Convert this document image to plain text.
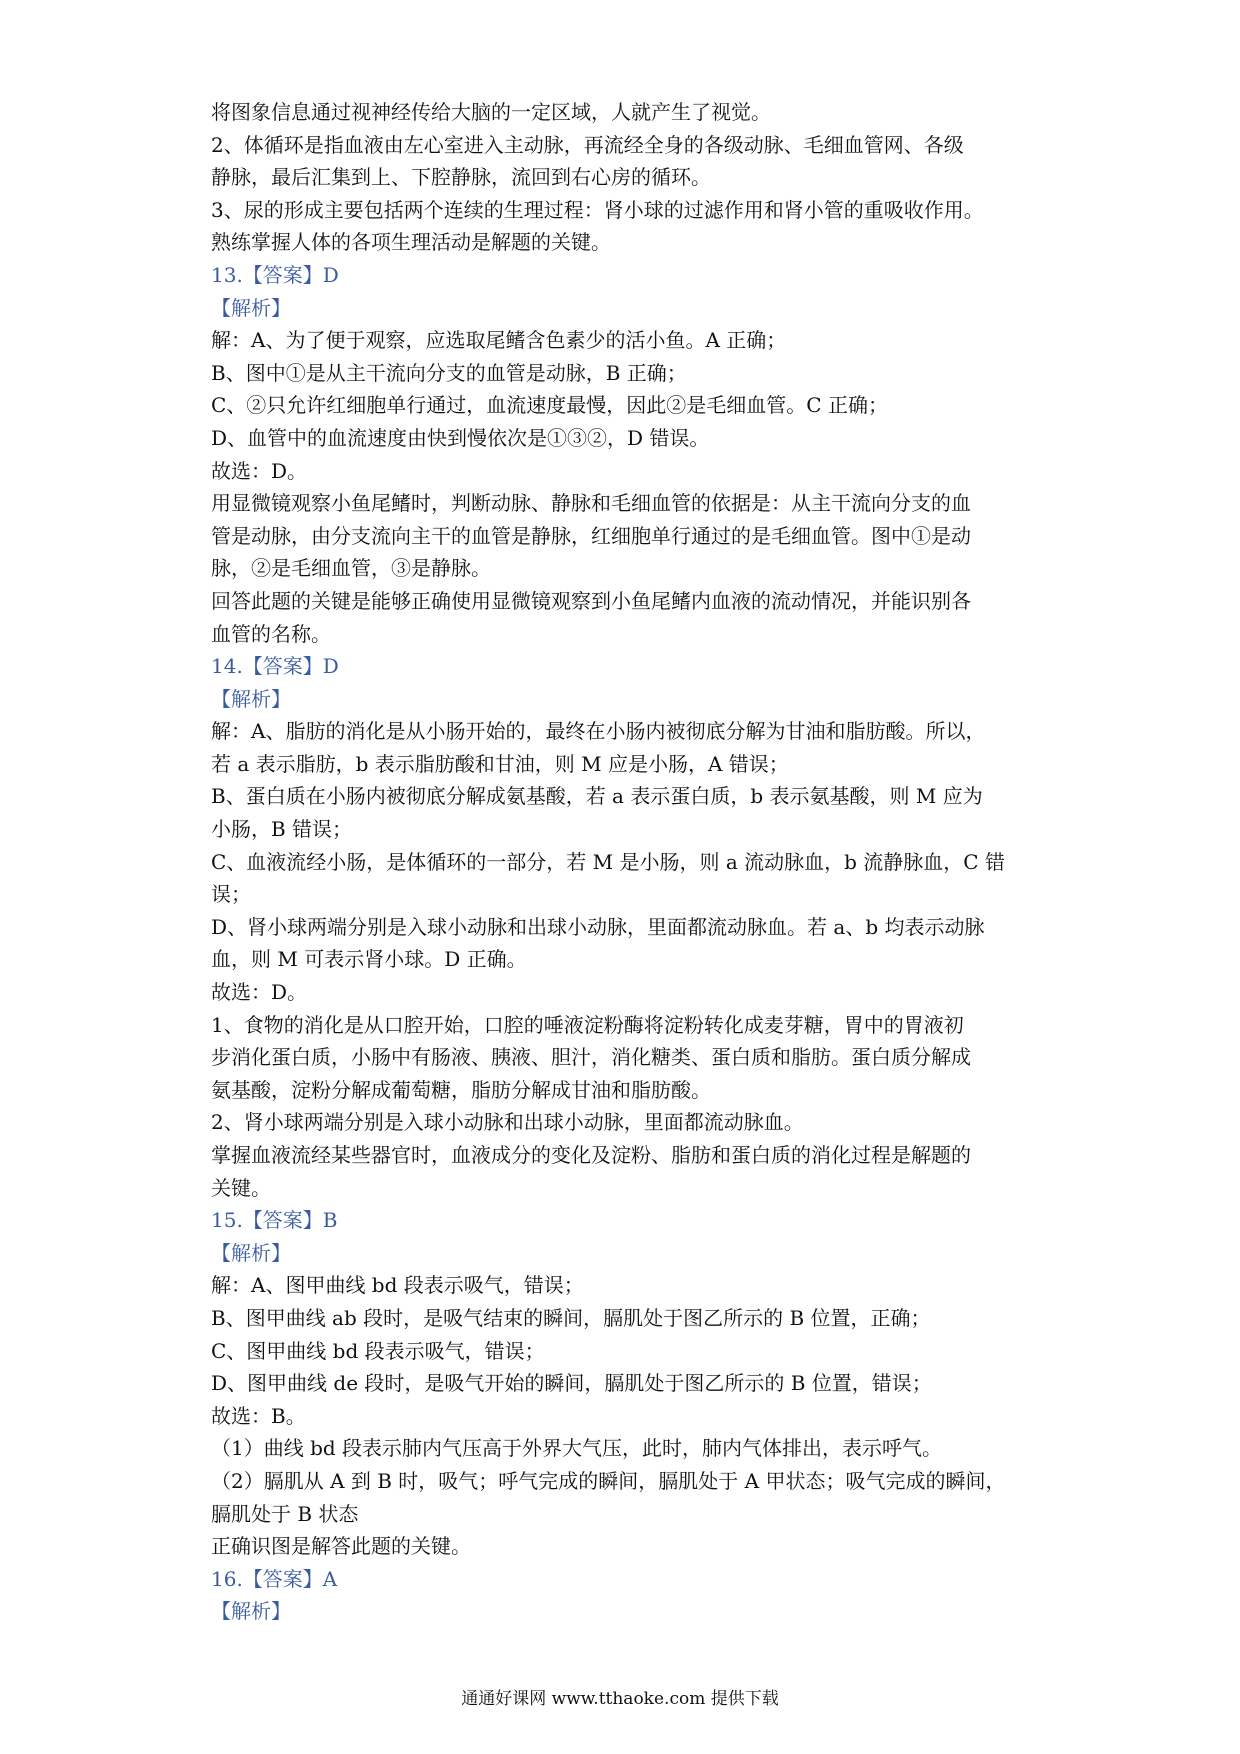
将图象信息通过视神经传给大脑的一定区域，人就产生了视觉。
2、体循环是指血液由左心室进入主动脉，再流经全身的各级动脉、毛细血管网、各级
静脉，最后汇集到上、下腔静脉，流回到右心房的循环。
3、尿的形成主要包括两个连续的生理过程：肾小球的过滤作用和肾小管的重吸收作用。
熟练掌握人体的各项生理活动是解题的关键。
13.【答案】D
【解析】
解：A、为了便于观察，应选取尾鳍含色素少的活小鱼。A 正确；
B、图中①是从主干流向分支的血管是动脉，B 正确；
C、②只允许红细胞单行通过，血流速度最慢，因此②是毛细血管。C 正确；
D、血管中的血流速度由快到慢依次是①③②，D 错误。
故选：D。
用显微镜观察小鱼尾鳍时，判断动脉、静脉和毛细血管的依据是：从主干流向分支的血
管是动脉，由分支流向主干的血管是静脉，红细胞单行通过的是毛细血管。图中①是动
脉，②是毛细血管，③是静脉。
回答此题的关键是能够正确使用显微镜观察到小鱼尾鳍内血液的流动情况，并能识别各
血管的名称。
14.【答案】D
【解析】
解：A、脂肪的消化是从小肠开始的，最终在小肠内被彻底分解为甘油和脂肪酸。所以，
若 a 表示脂肪，b 表示脂肪酸和甘油，则 M 应是小肠，A 错误；
B、蛋白质在小肠内被彻底分解成氨基酸，若 a 表示蛋白质，b 表示氨基酸，则 M 应为
小肠，B 错误；
C、血液流经小肠，是体循环的一部分，若 M 是小肠，则 a 流动脉血，b 流静脉血，C 错
误；
D、肾小球两端分别是入球小动脉和出球小动脉，里面都流动脉血。若 a、b 均表示动脉
血，则 M 可表示肾小球。D 正确。
故选：D。
1、食物的消化是从口腔开始，口腔的唾液淀粉酶将淀粉转化成麦芽糖，胃中的胃液初
步消化蛋白质，小肠中有肠液、胰液、胆汁，消化糖类、蛋白质和脂肪。蛋白质分解成
氨基酸，淀粉分解成葡萄糖，脂肪分解成甘油和脂肪酸。
2、肾小球两端分别是入球小动脉和出球小动脉，里面都流动脉血。
掌握血液流经某些器官时，血液成分的变化及淀粉、脂肪和蛋白质的消化过程是解题的
关键。
15.【答案】B
【解析】
解：A、图甲曲线 bd 段表示吸气，错误；
B、图甲曲线 ab 段时，是吸气结束的瞬间，膈肌处于图乙所示的 B 位置，正确；
C、图甲曲线 bd 段表示吸气，错误；
D、图甲曲线 de 段时，是吸气开始的瞬间，膈肌处于图乙所示的 B 位置，错误；
故选：B。
（1）曲线 bd 段表示肺内气压高于外界大气压，此时，肺内气体排出，表示呼气。
（2）膈肌从 A 到 B 时，吸气；呼气完成的瞬间，膈肌处于 A 甲状态；吸气完成的瞬间，
膈肌处于 B 状态
正确识图是解答此题的关键。
16.【答案】A
【解析】
通通好课网 www.tthaoke.com 提供下载
